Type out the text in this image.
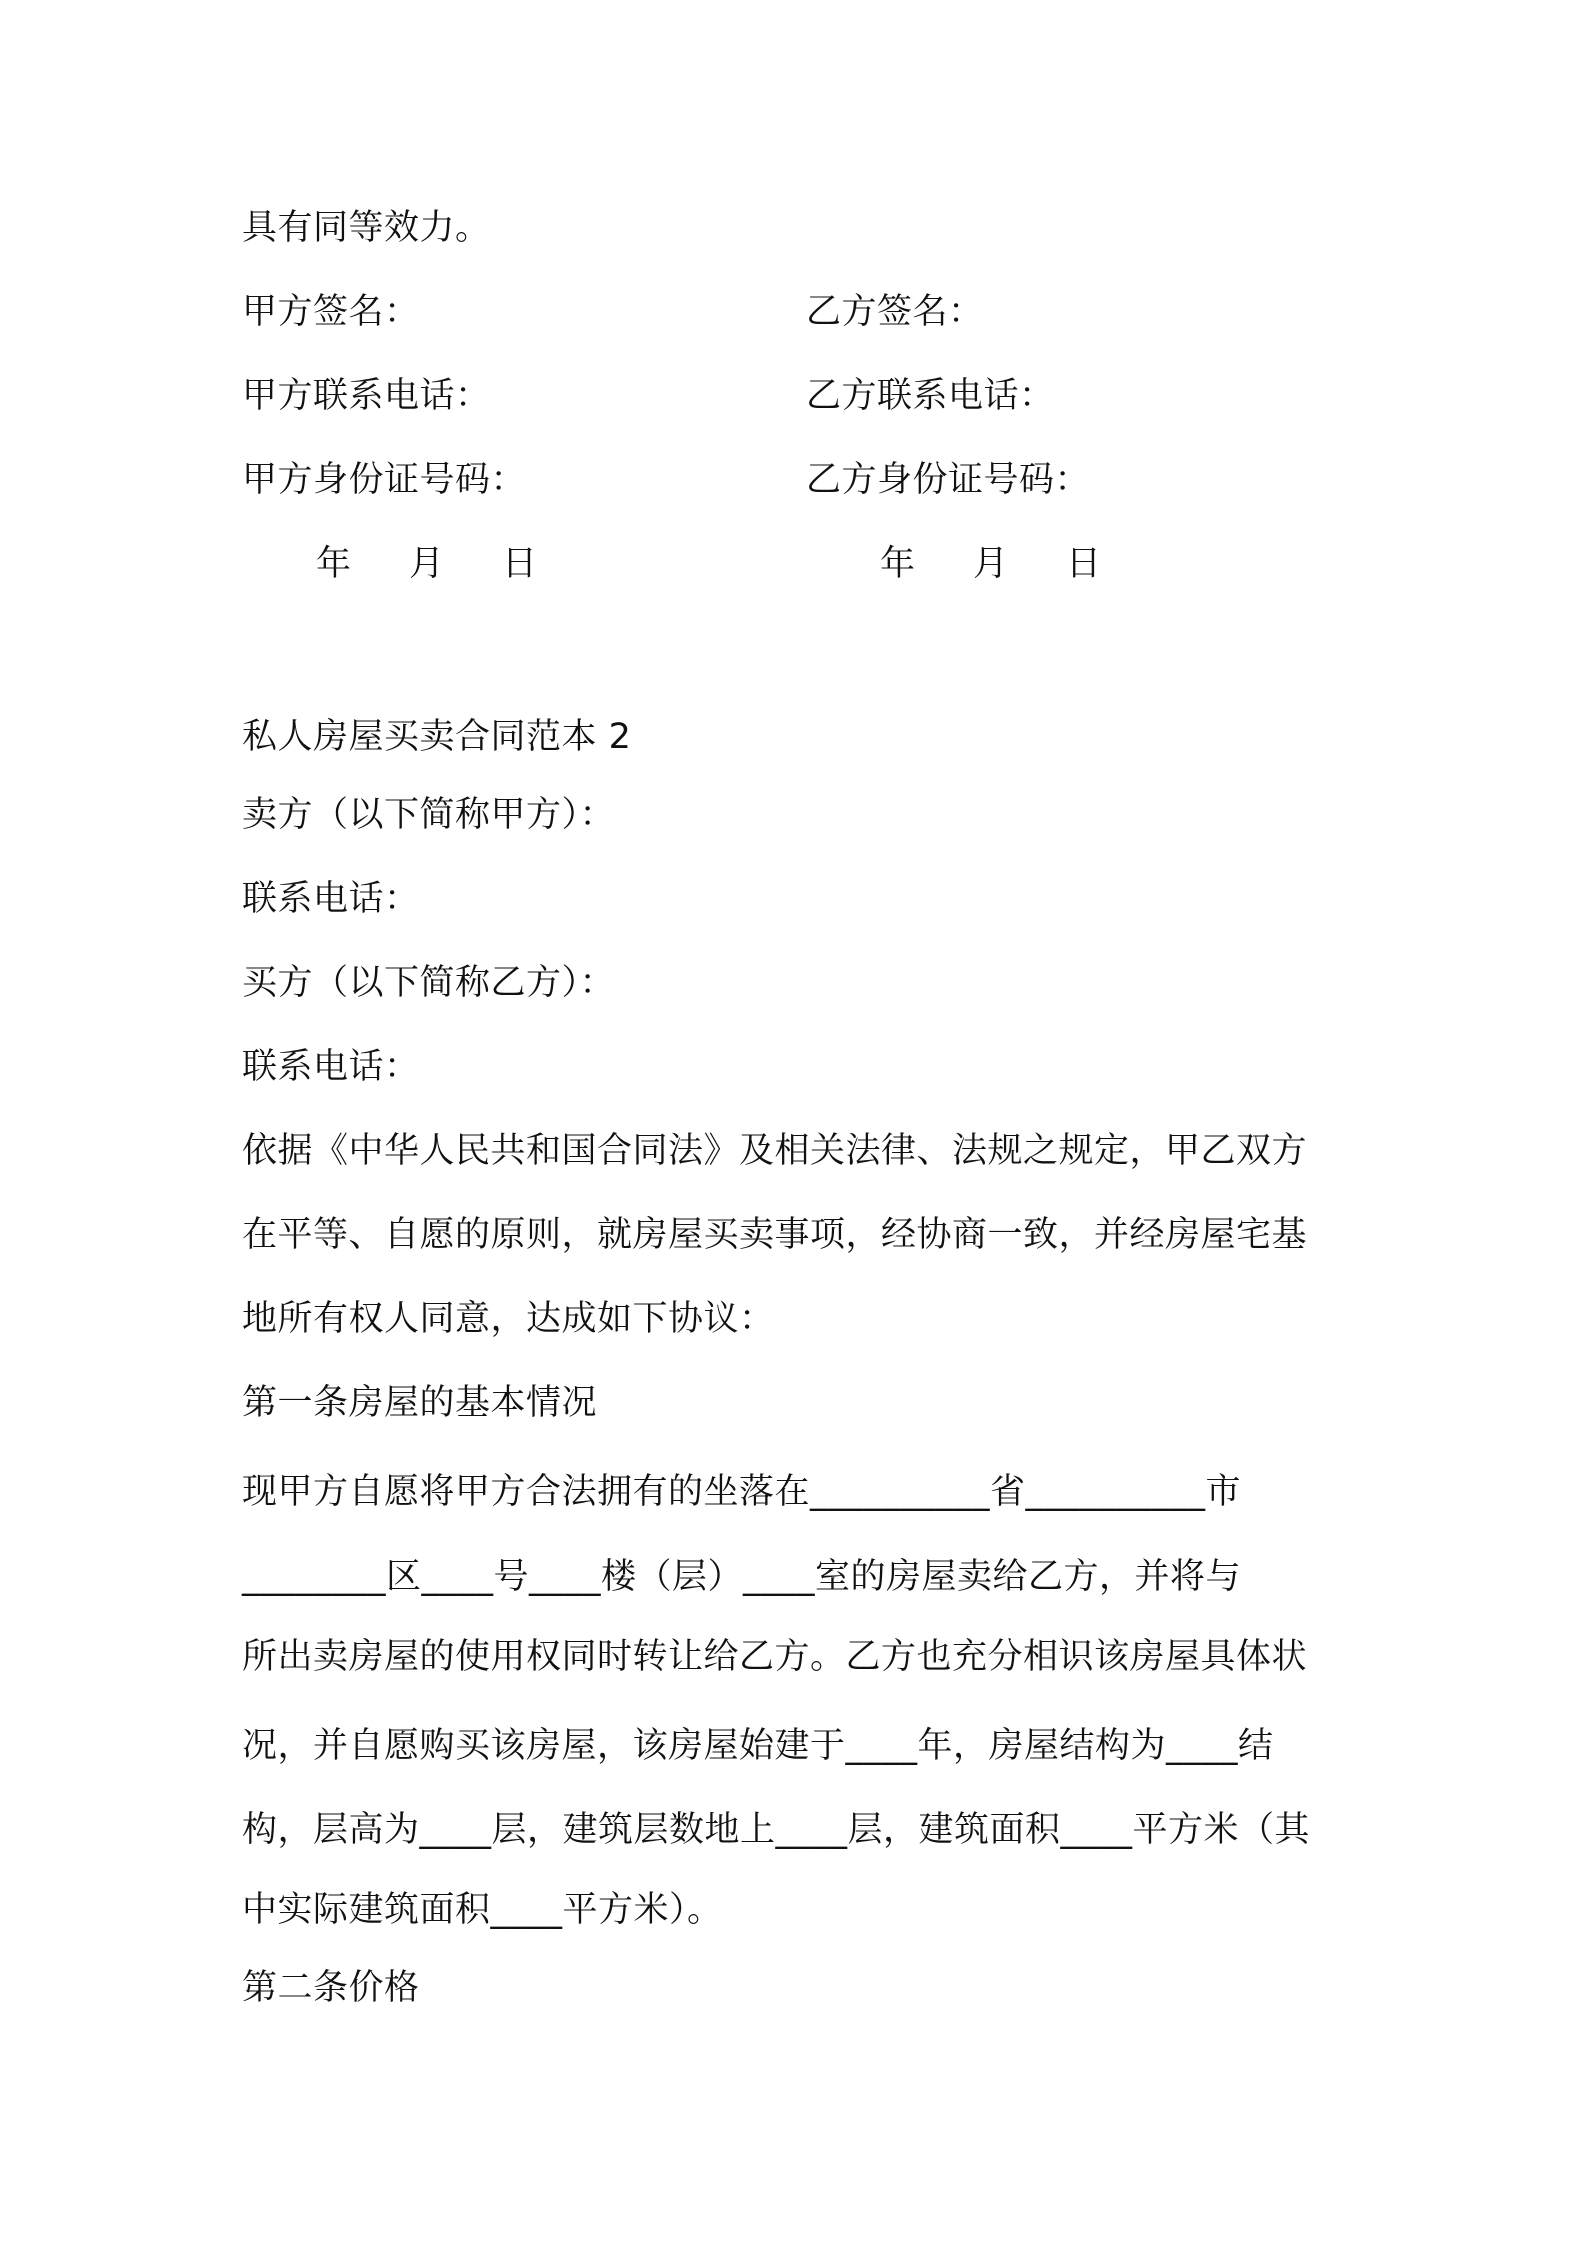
具有同等效力。
甲方签名：	乙方签名：
甲方联系电话：	乙方联系电话：
甲方身份证号码：	乙方身份证号码：
年 月 日	年 月 日
私人房屋买卖合同范本 2
卖方（以下简称甲方）：
联系电话：
买方（以下简称乙方）：
联系电话：
依据《中华人民共和国合同法》及相关法律、法规之规定，甲乙双方
在平等、自愿的原则，就房屋买卖事项，经协商一致，并经房屋宅基
地所有权人同意，达成如下协议：
第一条房屋的基本情况
现甲方自愿将甲方合法拥有的坐落在__________省__________市
________区____号____楼（层）____室的房屋卖给乙方，并将与
所出卖房屋的使用权同时转让给乙方。乙方也充分相识该房屋具体状
况，并自愿购买该房屋，该房屋始建于____年，房屋结构为____结
构，层高为____层，建筑层数地上____层，建筑面积____平方米（其
中实际建筑面积____平方米）。
第二条价格
